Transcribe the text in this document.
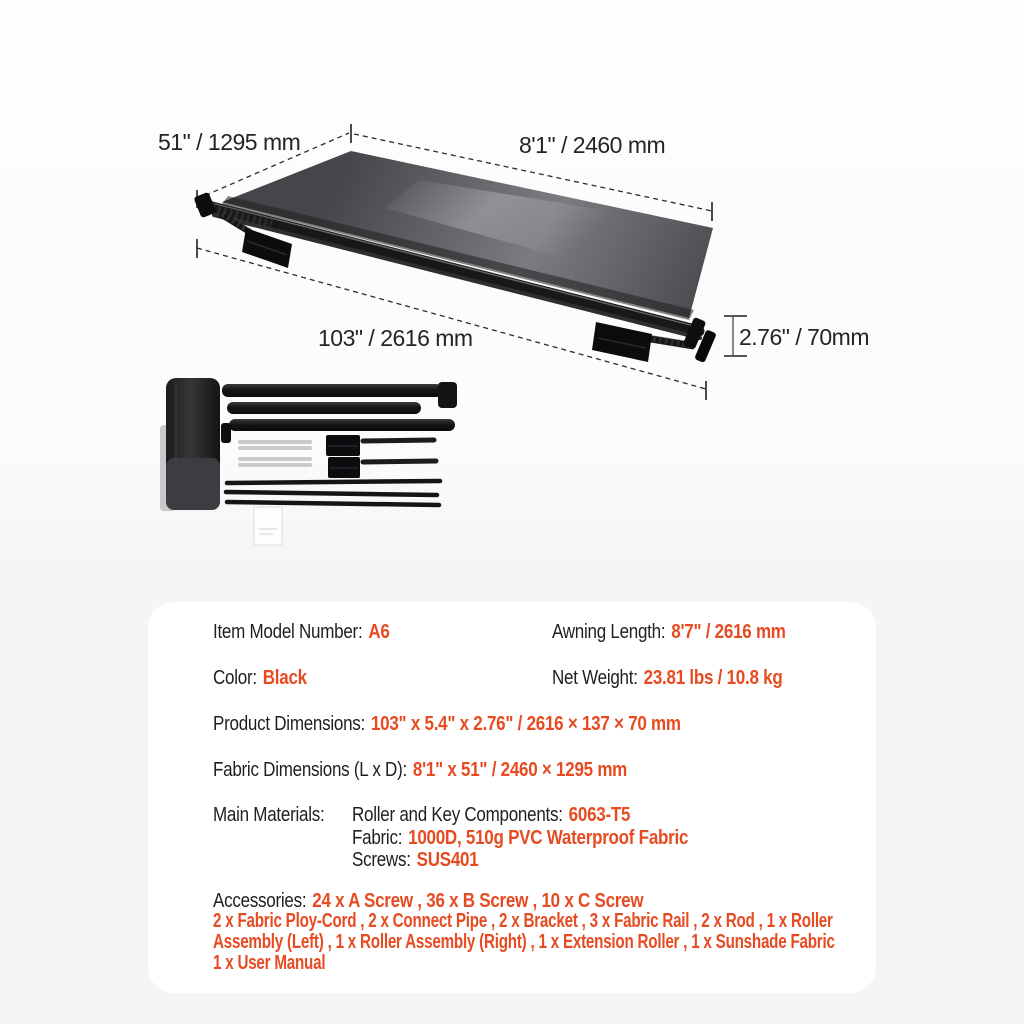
51" / 1295 mm	8'1" / 2460 mm
103" / 2616 mm	2.76" / 70mm
Item Model Number: A6	Awning Length: 8'7" / 2616 mm
Color: Black	Net Weight: 23.81 lbs / 10.8 kg
Product Dimensions: 103" x 5.4" x 2.76" / 2616 × 137 × 70 mm
Fabric Dimensions (L x D): 8'1" x 51" / 2460 × 1295 mm
Main Materials: Roller and Key Components: 6063-T5
Fabric: 1000D, 510g PVC Waterproof Fabric
Screws: SUS401
Accessories: 24 x A Screw , 36 x B Screw , 10 x C Screw
2 x Fabric Ploy-Cord , 2 x Connect Pipe , 2 x Bracket , 3 x Fabric Rail , 2 x Rod , 1 x Roller
Assembly (Left) , 1 x Roller Assembly (Right) , 1 x Extension Roller , 1 x Sunshade Fabric
1 x User Manual
